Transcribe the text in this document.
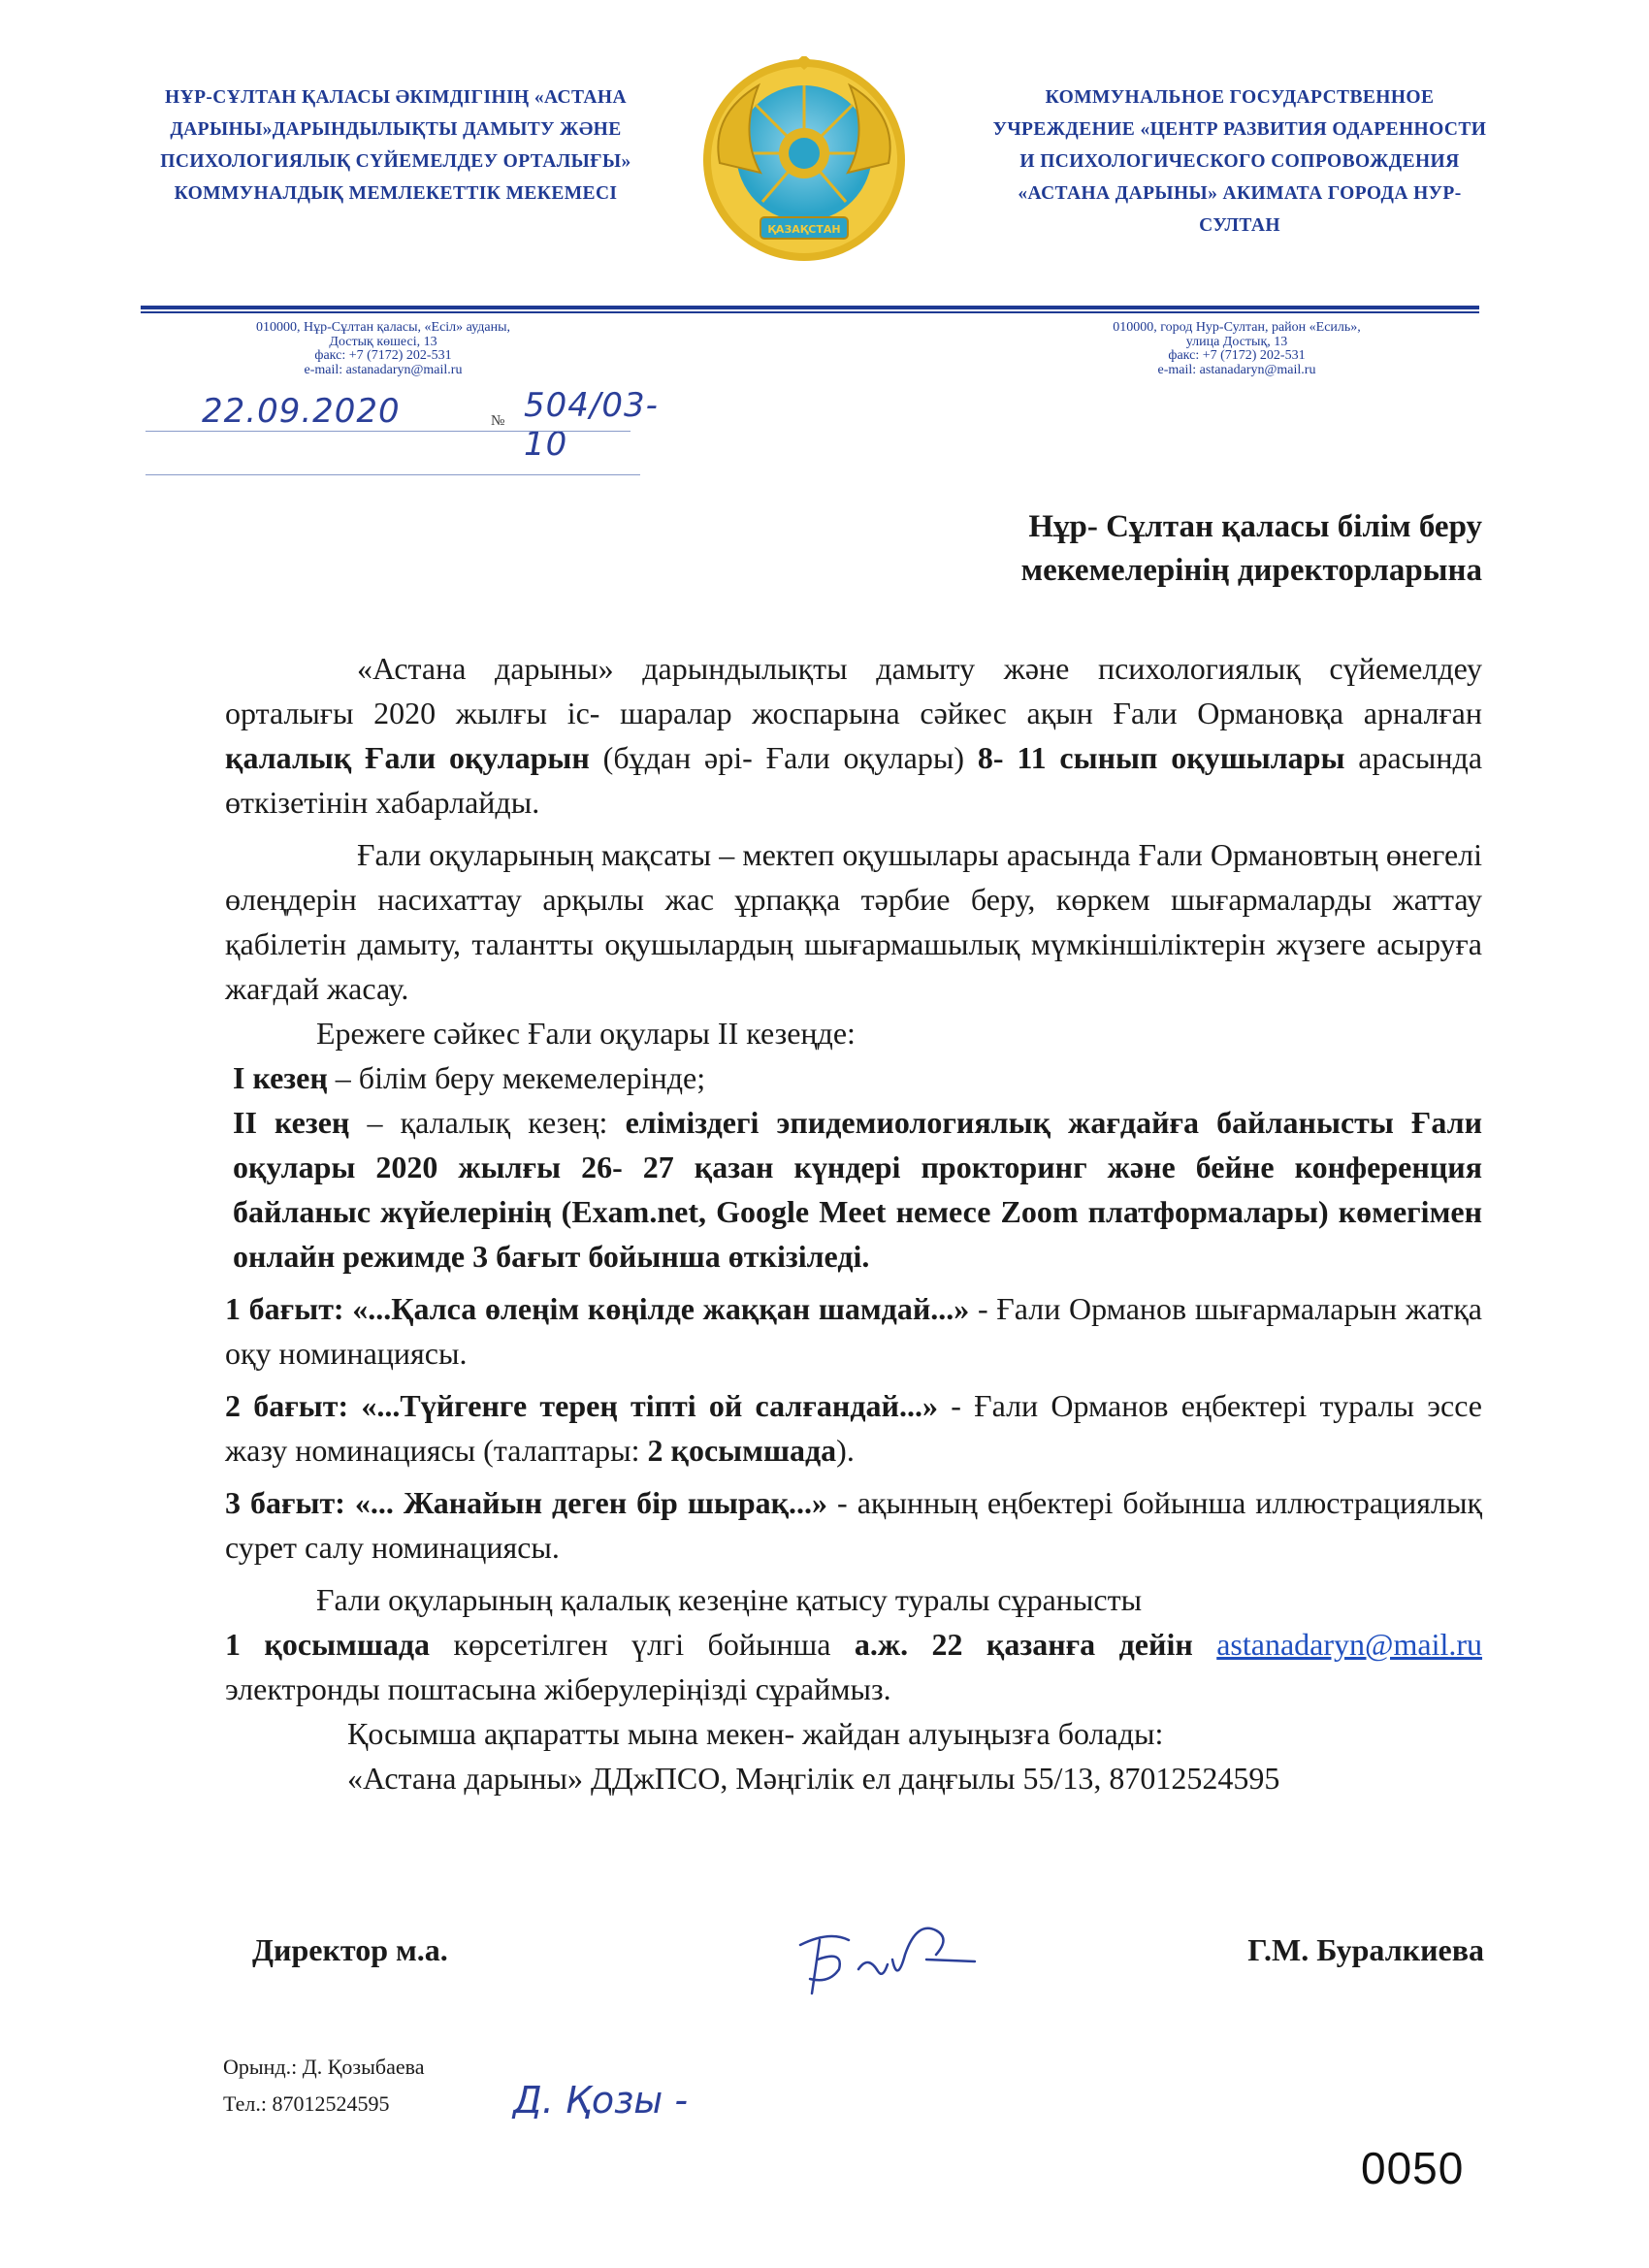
НҰР-СҰЛТАН ҚАЛАСЫ ӘКІМДІГІНІҢ «АСТАНА ДАРЫНЫ»ДАРЫНДЫЛЫҚТЫ ДАМЫТУ ЖӘНЕ ПСИХОЛОГИЯЛЫҚ СҮЙЕМЕЛДЕУ ОРТАЛЫҒЫ» КОММУНАЛДЫҚ МЕМЛЕКЕТТІК МЕКЕМЕСІ
ҚАЗАҚСТАН
КОММУНАЛЬНОЕ ГОСУДАРСТВЕННОЕ УЧРЕЖДЕНИЕ «ЦЕНТР РАЗВИТИЯ ОДАРЕННОСТИ И ПСИХОЛОГИЧЕСКОГО СОПРОВОЖДЕНИЯ «АСТАНА ДАРЫНЫ» АКИМАТА ГОРОДА НУР-СУЛТАН
010000, Нұр-Сұлтан қаласы, «Есіл» ауданы,
Достық көшесі, 13
факс: +7 (7172) 202-531
e-mail: astanadaryn@mail.ru
010000, город Нур-Султан, район «Есиль»,
улица Достық, 13
факс: +7 (7172) 202-531
e-mail: astanadaryn@mail.ru
22.09.2020	№ 504/03-10
Нұр- Сұлтан қаласы білім беру
мекемелерінің директорларына

«Астана дарыны» дарындылықты дамыту және психологиялық сүйемелдеу орталығы 2020 жылғы іс- шаралар жоспарына сәйкес ақын Ғали Ормановқа арналған қалалық Ғали оқуларын (бұдан әрі- Ғали оқулары) 8- 11 сынып оқушылары арасында өткізетінін хабарлайды.

Ғали оқуларының мақсаты – мектеп оқушылары арасында Ғали Ормановтың өнегелі өлеңдерін насихаттау арқылы жас ұрпаққа тәрбие беру, көркем шығармаларды жаттау қабілетін дамыту, талантты оқушылардың шығармашылық мүмкіншіліктерін жүзеге асыруға жағдай жасау.

Ережеге сәйкес Ғали оқулары II кезеңде:

I кезең – білім беру мекемелерінде;

II кезең – қалалық кезең: еліміздегі эпидемиологиялық жағдайға байланысты Ғали оқулары 2020 жылғы 26- 27 қазан күндері прокторинг және бейне конференция байланыс жүйелерінің (Exam.net, Google Meet немесе Zoom платформалары) көмегімен онлайн режимде 3 бағыт бойынша өткізіледі.

1 бағыт: «...Қалса өлеңім көңілде жаққан шамдай...» - Ғали Орманов шығармаларын жатқа оқу номинациясы.

2 бағыт: «...Түйгенге терең тіпті ой салғандай...» - Ғали Орманов еңбектері туралы эссе жазу номинациясы (талаптары: 2 қосымшада).

3 бағыт: «... Жанайын деген бір шырақ...» - ақынның еңбектері бойынша иллюстрациялық сурет салу номинациясы.

Ғали оқуларының қалалық кезеңіне қатысу туралы сұранысты

1 қосымшада көрсетілген үлгі бойынша а.ж. 22 қазанға дейін astanadaryn@mail.ru электронды поштасына жіберулеріңізді сұраймыз.

Қосымша ақпаратты мына мекен- жайдан алуыңызға болады:

«Астана дарыны» ДДжПСО, Мәңгілік ел даңғылы 55/13, 87012524595

Директор м.а.	Г.М. Буралкиева
Орынд.: Д. Қозыбаева
Тел.: 87012524595	Д. Қозы -
0050
